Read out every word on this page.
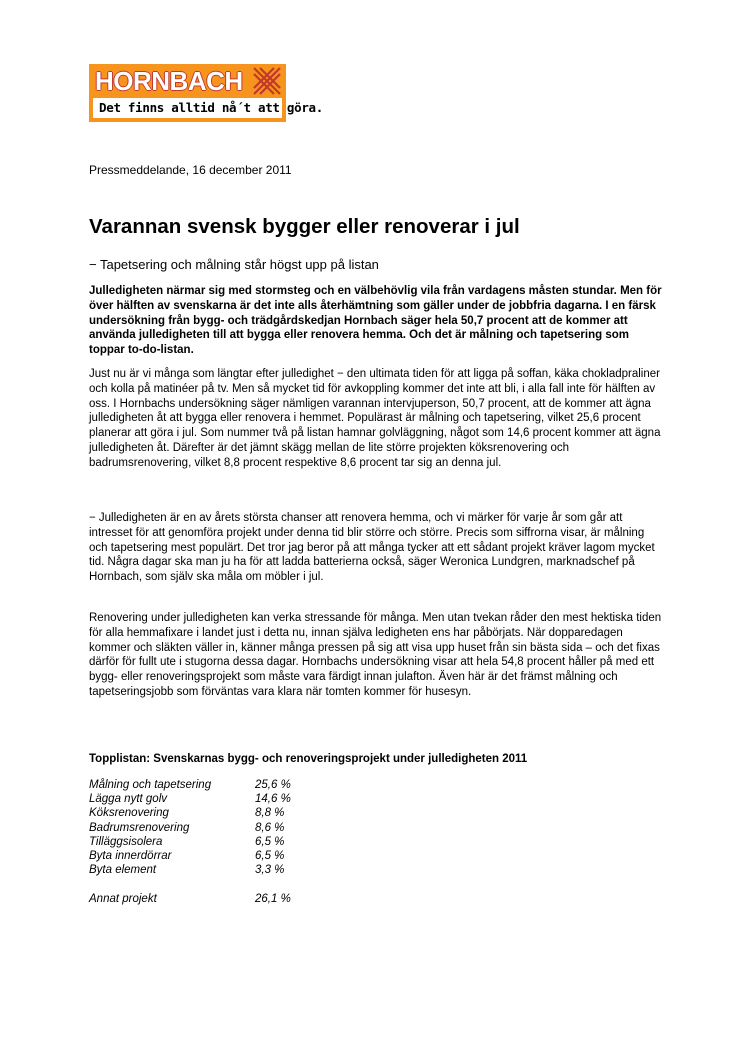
HORNBACH
Det finns alltid nå´t att göra.
Pressmeddelande, 16 december 2011
Varannan svensk bygger eller renoverar i jul
− Tapetsering och målning står högst upp på listan

Julledigheten närmar sig med stormsteg och en välbehövlig vila från vardagens måsten stundar. Men för över hälften av svenskarna är det inte alls återhämtning som gäller under de jobbfria dagarna. I en färsk undersökning från bygg- och trädgårdskedjan Hornbach säger hela 50,7 procent att de kommer att använda julledigheten till att bygga eller renovera hemma. Och det är målning och tapetsering som toppar to-do-listan.

Just nu är vi många som längtar efter julledighet − den ultimata tiden för att ligga på soffan, käka chokladpraliner och kolla på matinéer på tv. Men så mycket tid för avkoppling kommer det inte att bli, i alla fall inte för hälften av oss. I Hornbachs undersökning säger nämligen varannan intervjuperson, 50,7 procent, att de kommer att ägna julledigheten åt att bygga eller renovera i hemmet. Populärast är målning och tapetsering, vilket 25,6 procent planerar att göra i jul. Som nummer två på listan hamnar golvläggning, något som 14,6 procent kommer att ägna julledigheten åt. Därefter är det jämnt skägg mellan de lite större projekten köksrenovering och badrumsrenovering, vilket 8,8 procent respektive 8,6 procent tar sig an denna jul.

− Julledigheten är en av årets största chanser att renovera hemma, och vi märker för varje år som går att intresset för att genomföra projekt under denna tid blir större och större. Precis som siffrorna visar, är målning och tapetsering mest populärt. Det tror jag beror på att många tycker att ett sådant projekt kräver lagom mycket tid. Några dagar ska man ju ha för att ladda batterierna också, säger Weronica Lundgren, marknadschef på Hornbach, som själv ska måla om möbler i jul.

Renovering under julledigheten kan verka stressande för många. Men utan tvekan råder den mest hektiska tiden för alla hemmafixare i landet just i detta nu, innan själva ledigheten ens har påbörjats. När dopparedagen kommer och släkten väller in, känner många pressen på sig att visa upp huset från sin bästa sida – och det fixas därför för fullt ute i stugorna dessa dagar. Hornbachs undersökning visar att hela 54,8 procent håller på med ett bygg- eller renoveringsprojekt som måste vara färdigt innan julafton. Även här är det främst målning och tapetseringsjobb som förväntas vara klara när tomten kommer för husesyn.

Topplistan: Svenskarnas bygg- och renoveringsprojekt under julledigheten 2011
Målning och tapetsering	25,6 %
Lägga nytt golv	14,6 %
Köksrenovering	8,8 %
Badrumsrenovering	8,6 %
Tilläggsisolera	6,5 %
Byta innerdörrar	6,5 %
Byta element	3,3 %
Annat projekt	26,1 %
